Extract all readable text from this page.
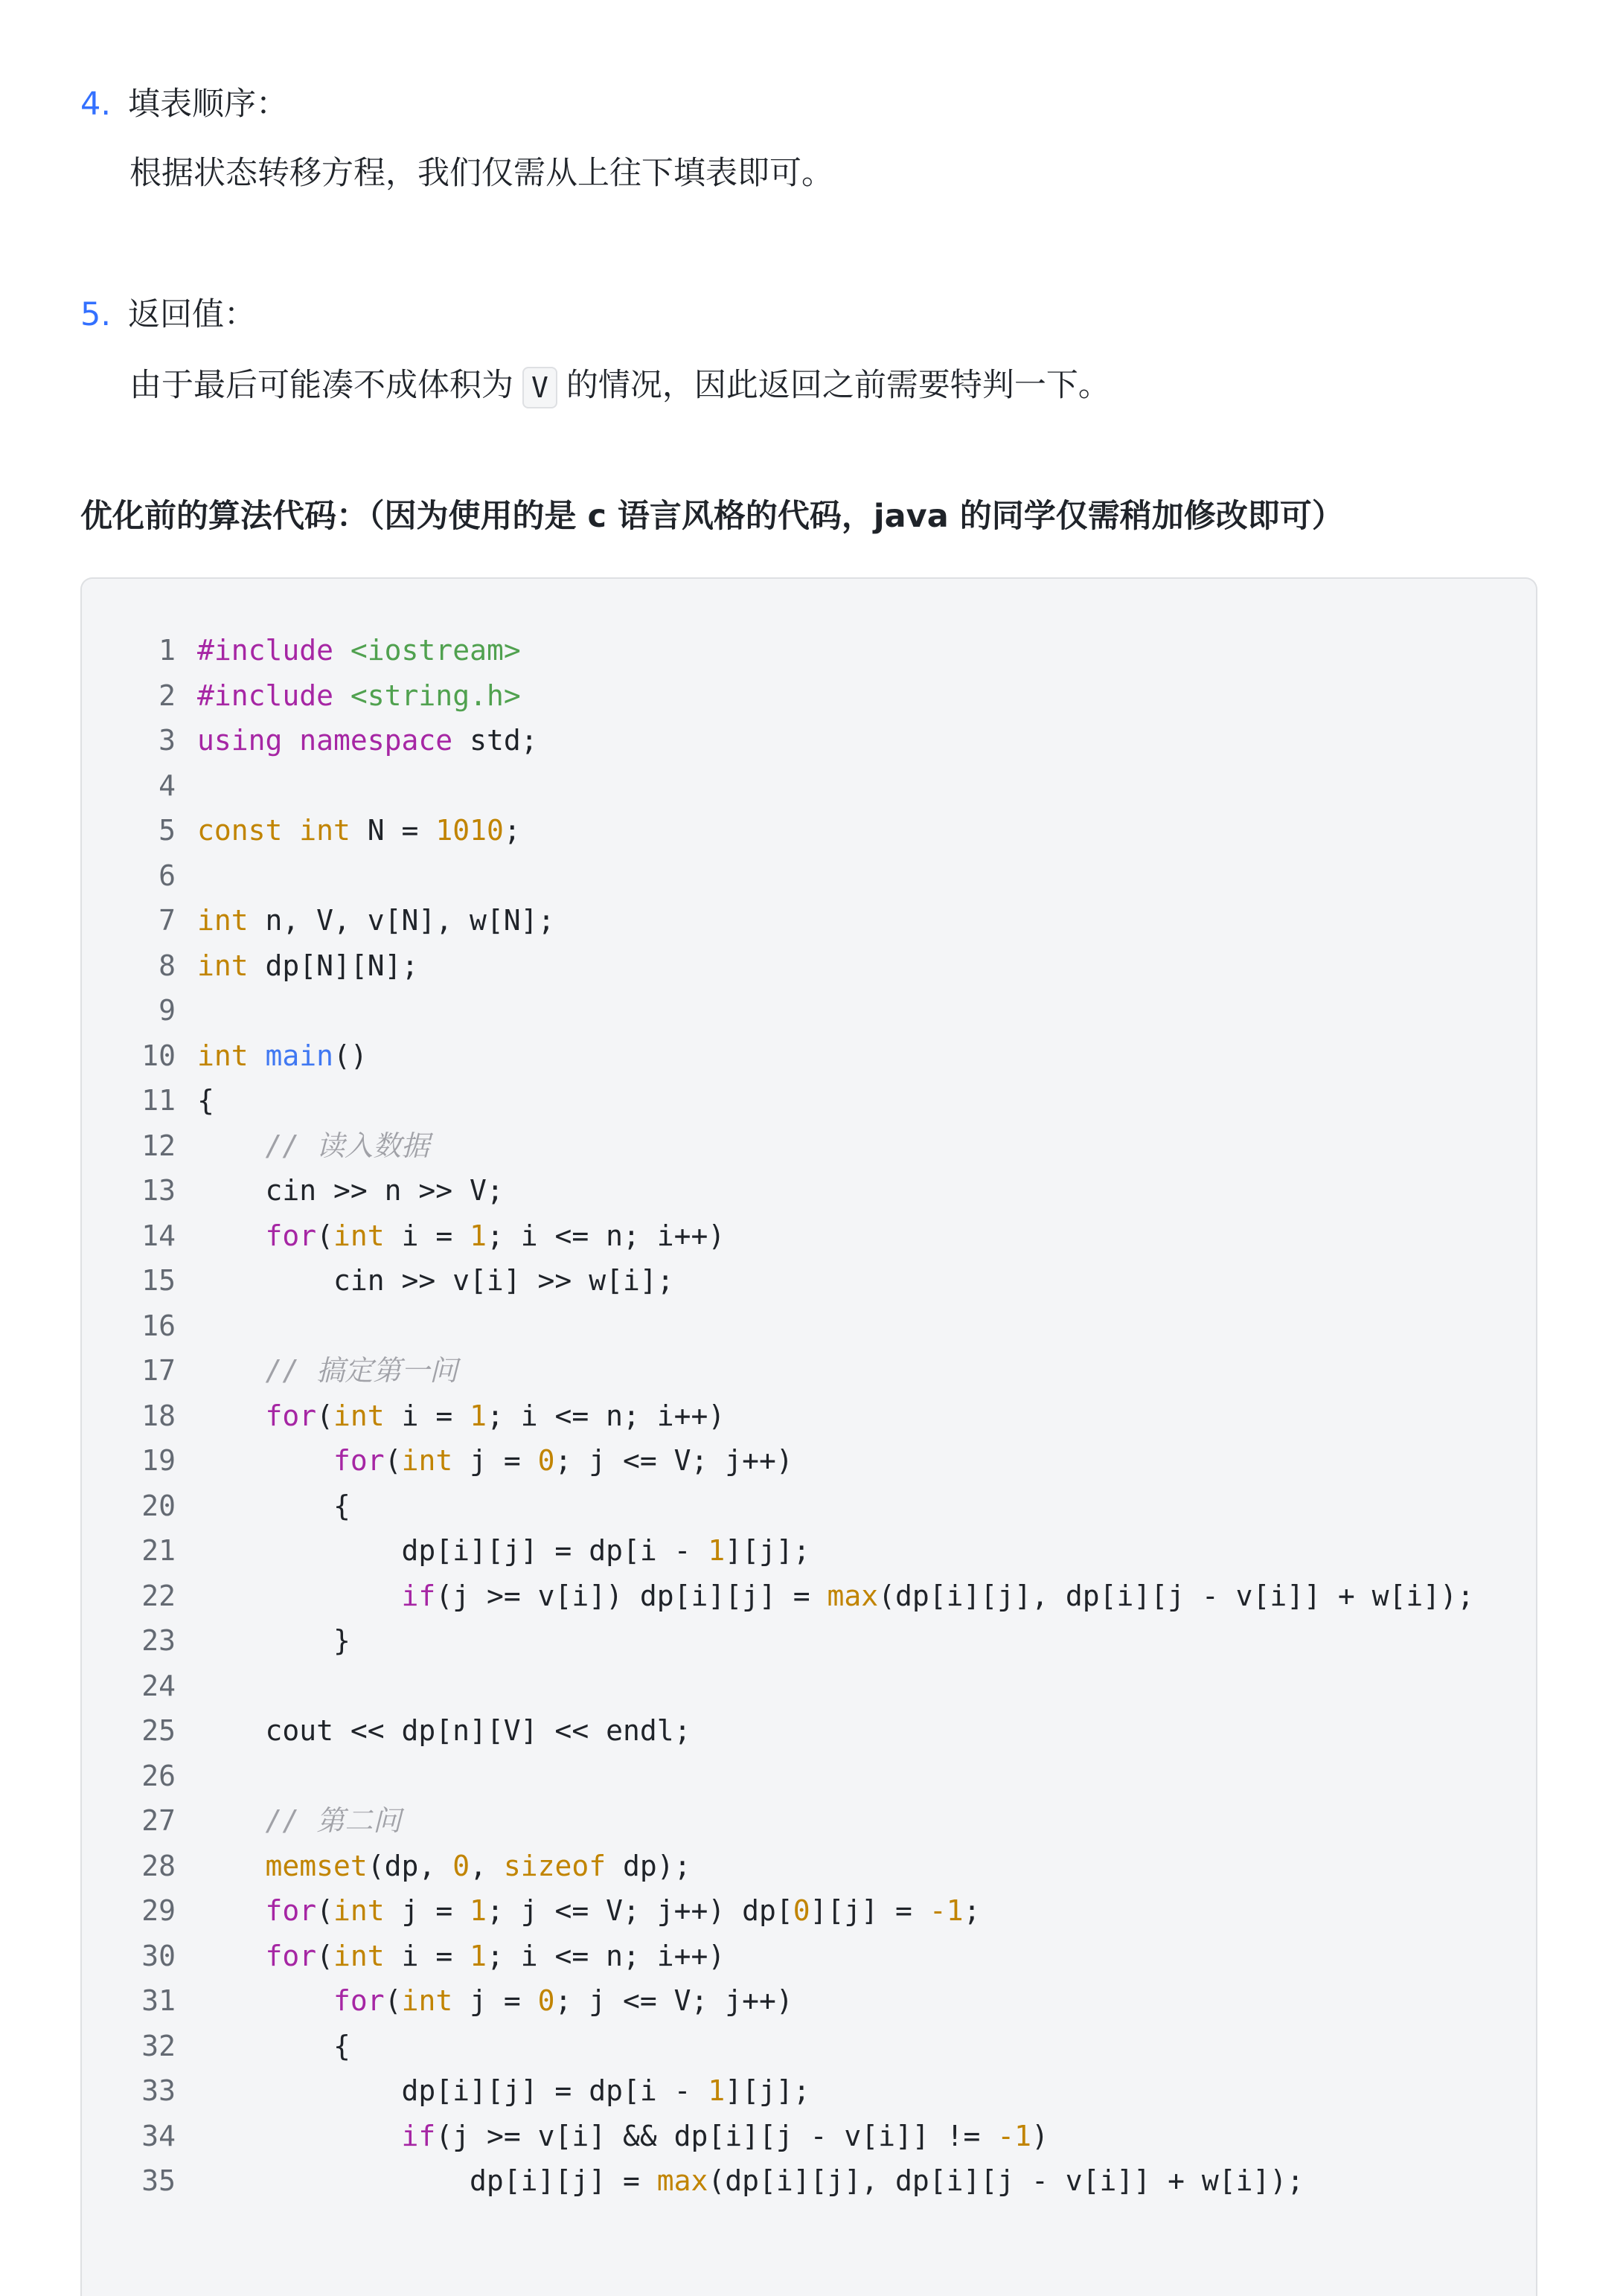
4. 填表顺序：
根据状态转移方程，我们仅需从上往下填表即可。
5. 返回值：
由于最后可能凑不成体积为 V 的情况，因此返回之前需要特判一下。
优化前的算法代码：（因为使用的是 c 语言风格的代码，java 的同学仅需稍加修改即可）
1 #include <iostream>
2 #include <string.h>
3 using namespace std;
4
5 const int N = 1010;
6
7 int n, V, v[N], w[N];
8 int dp[N][N];
9
10 int main()
11 {
12	// 读入数据
13 cin >> n >> V;
14	for(int i = 1; i <= n; i++)
15 cin >> v[i] >> w[i];
16
17	// 搞定第一问
18	for(int i = 1; i <= n; i++)
19	for(int j = 0; j <= V; j++)
20 {
21 dp[i][j] = dp[i - 1][j];
22	if(j >= v[i]) dp[i][j] = max(dp[i][j], dp[i][j - v[i]] + w[i]);
23 }
24
25 cout << dp[n][V] << endl;
26
27	// 第二问
28	memset(dp, 0, sizeof dp);
29	for(int j = 1; j <= V; j++) dp[0][j] = -1;
30	for(int i = 1; i <= n; i++)
31	for(int j = 0; j <= V; j++)
32 {
33 dp[i][j] = dp[i - 1][j];
34	if(j >= v[i] && dp[i][j - v[i]] != -1)
35 dp[i][j] = max(dp[i][j], dp[i][j - v[i]] + w[i]);
